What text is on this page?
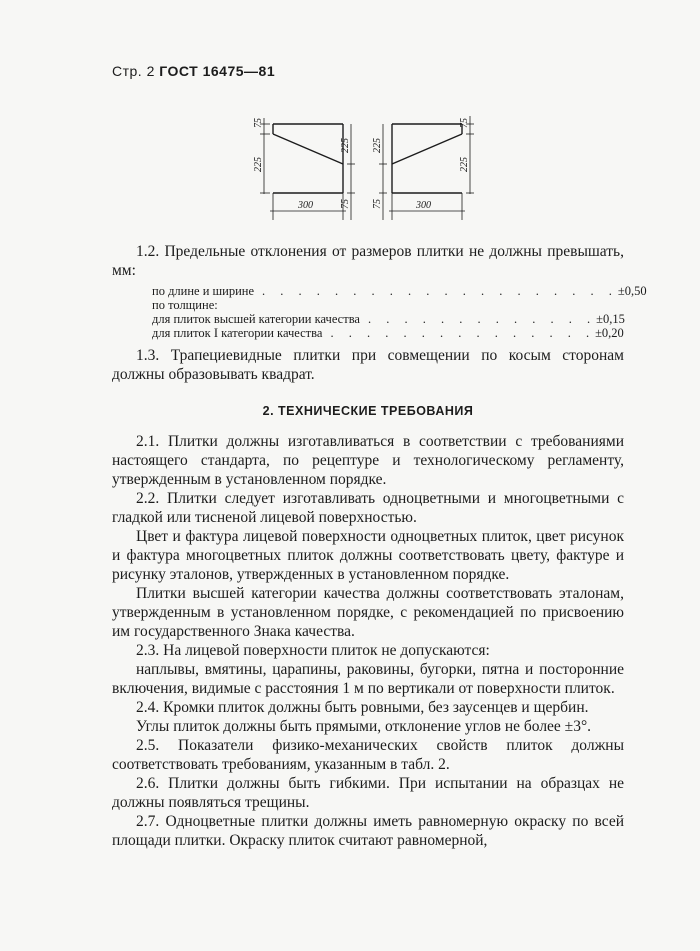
Стр. 2 ГОСТ 16475—81
75
225
225
75
300
225
75
75
225
300

1.2. Предельные отклонения от размеров плитки не должны превышать, мм:

по длине и ширине . . . . . . . . . . . . . . . . . . . . ±0,50
по толщине:
для плиток высшей категории качества . . . . . . . . . . . . . ±0,15
для плиток I категории качества . . . . . . . . . . . . . . . ±0,20

1.3. Трапециевидные плитки при совмещении по косым сторонам должны образовывать квадрат.

2. ТЕХНИЧЕСКИЕ ТРЕБОВАНИЯ

2.1. Плитки должны изготавливаться в соответствии с требованиями настоящего стандарта, по рецептуре и технологическому регламенту, утвержденным в установленном порядке.

2.2. Плитки следует изготавливать одноцветными и многоцветными с гладкой или тисненой лицевой поверхностью.

Цвет и фактура лицевой поверхности одноцветных плиток, цвет рисунок и фактура многоцветных плиток должны соответствовать цвету, фактуре и рисунку эталонов, утвержденных в установленном порядке.

Плитки высшей категории качества должны соответствовать эталонам, утвержденным в установленном порядке, с рекомендацией по присвоению им государственного Знака качества.

2.3. На лицевой поверхности плиток не допускаются:

наплывы, вмятины, царапины, раковины, бугорки, пятна и посторонние включения, видимые с расстояния 1 м по вертикали от поверхности плиток.

2.4. Кромки плиток должны быть ровными, без заусенцев и щербин.

Углы плиток должны быть прямыми, отклонение углов не более ±3°.

2.5. Показатели физико-механических свойств плиток должны соответствовать требованиям, указанным в табл. 2.

2.6. Плитки должны быть гибкими. При испытании на образцах не должны появляться трещины.

2.7. Одноцветные плитки должны иметь равномерную окраску по всей площади плитки. Окраску плиток считают равномерной,
